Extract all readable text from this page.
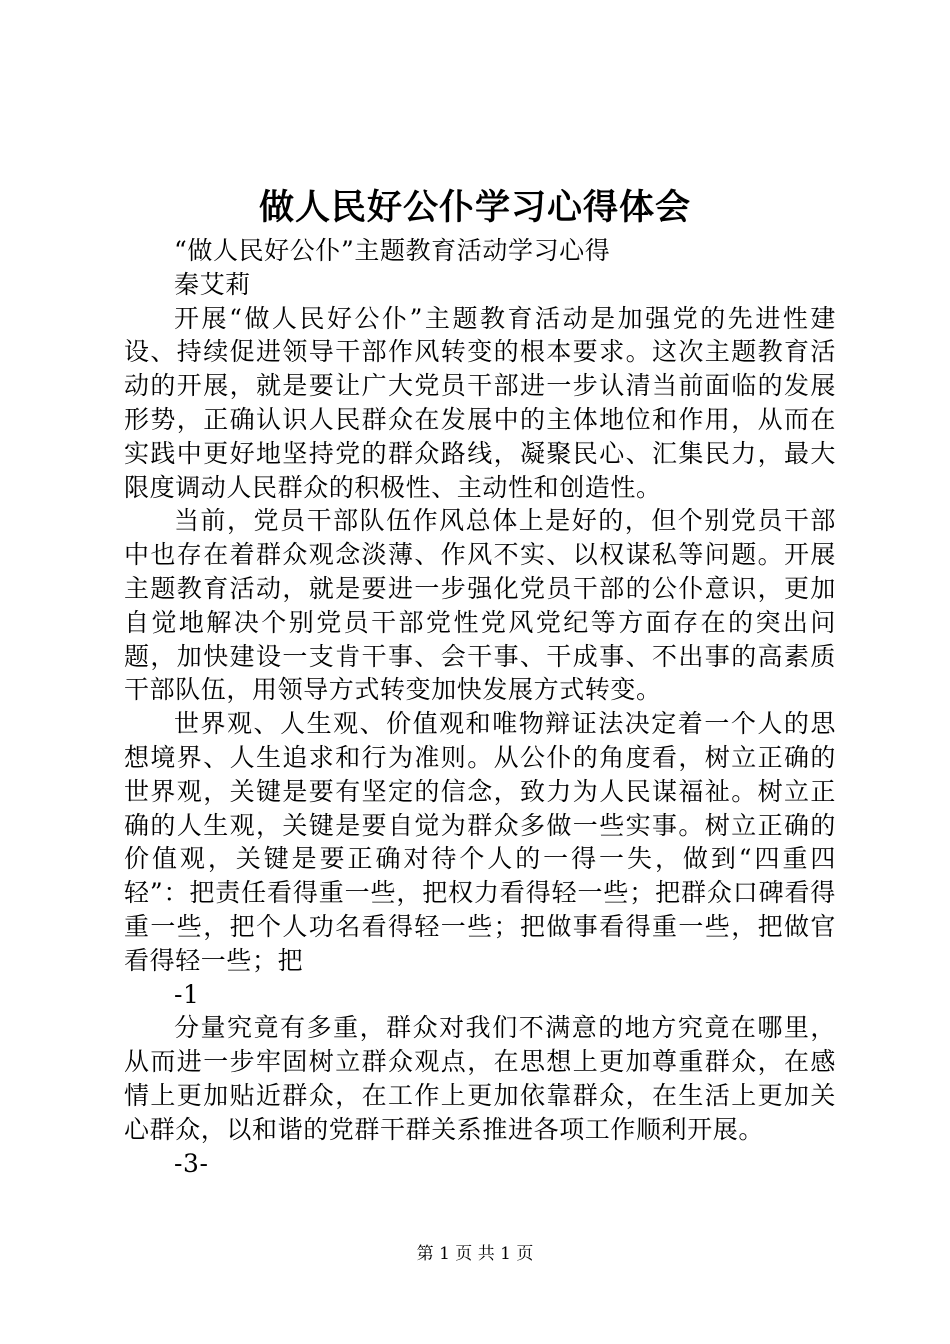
做人民好公仆学习心得体会
“做人民好公仆”主题教育活动学习心得
秦艾莉

开展“做人民好公仆”主题教育活动是加强党的先进性建设、持续促进领导干部作风转变的根本要求。这次主题教育活动的开展，就是要让广大党员干部进一步认清当前面临的发展形势，正确认识人民群众在发展中的主体地位和作用，从而在实践中更好地坚持党的群众路线，凝聚民心、汇集民力，最大限度调动人民群众的积极性、主动性和创造性。

当前，党员干部队伍作风总体上是好的，但个别党员干部中也存在着群众观念淡薄、作风不实、以权谋私等问题。开展主题教育活动，就是要进一步强化党员干部的公仆意识，更加自觉地解决个别党员干部党性党风党纪等方面存在的突出问题，加快建设一支肯干事、会干事、干成事、不出事的高素质干部队伍，用领导方式转变加快发展方式转变。

世界观、人生观、价值观和唯物辩证法决定着一个人的思想境界、人生追求和行为准则。从公仆的角度看，树立正确的世界观，关键是要有坚定的信念，致力为人民谋福祉。树立正确的人生观，关键是要自觉为群众多做一些实事。树立正确的价值观，关键是要正确对待个人的一得一失，做到“四重四轻”：把责任看得重一些，把权力看得轻一些；把群众口碑看得重一些，把个人功名看得轻一些；把做事看得重一些，把做官看得轻一些；把

-1

分量究竟有多重，群众对我们不满意的地方究竟在哪里，从而进一步牢固树立群众观点，在思想上更加尊重群众，在感情上更加贴近群众，在工作上更加依靠群众，在生活上更加关心群众，以和谐的党群干群关系推进各项工作顺利开展。

-3-
第 1 页 共 1 页
